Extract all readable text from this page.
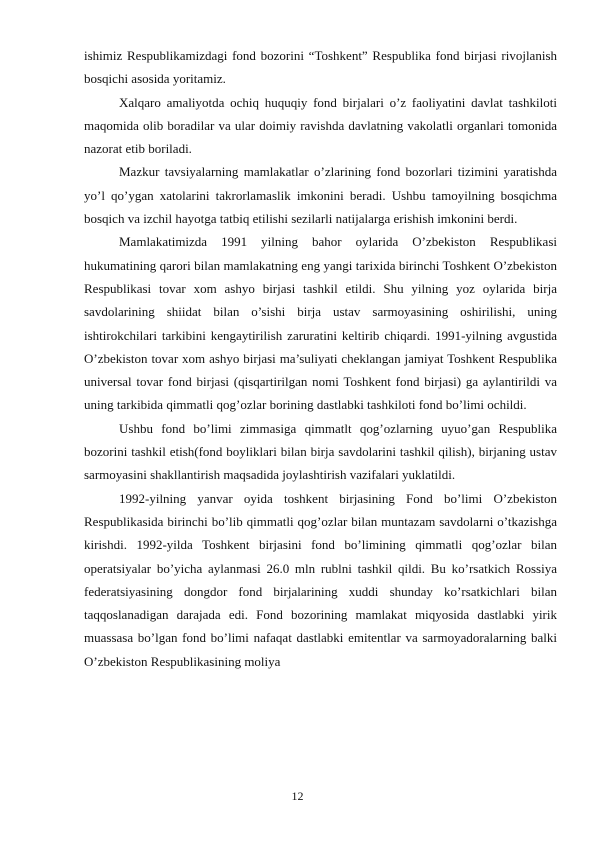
ishimiz Respublikamizdagi fond bozorini “Toshkent” Respublika fond birjasi rivojlanish bosqichi asosida yoritamiz.

Xalqaro amaliyotda ochiq huquqiy fond birjalari o’z faoliyatini davlat tashkiloti maqomida olib boradilar va ular doimiy ravishda davlatning vakolatli organlari tomonida nazorat etib boriladi.

Mazkur tavsiyalarning mamlakatlar o’zlarining fond bozorlari tizimini yaratishda yo’l qo’ygan xatolarini takrorlamaslik imkonini beradi. Ushbu tamoyilning bosqichma bosqich va izchil hayotga tatbiq etilishi sezilarli natijalarga erishish imkonini berdi.

Mamlakatimizda 1991 yilning bahor oylarida O’zbekiston Respublikasi hukumatining qarori bilan mamlakatning eng yangi tarixida birinchi Toshkent O’zbekiston Respublikasi tovar xom ashyo birjasi tashkil etildi. Shu yilning yoz oylarida birja savdolarining shiidat bilan o’sishi birja ustav sarmoyasining oshirilishi, uning ishtirokchilari tarkibini kengaytirilish zaruratini keltirib chiqardi. 1991-yilning avgustida O’zbekiston tovar xom ashyo birjasi ma’suliyati cheklangan jamiyat Toshkent Respublika universal tovar fond birjasi (qisqartirilgan nomi Toshkent fond birjasi) ga aylantirildi va uning tarkibida qimmatli qog’ozlar borining dastlabki tashkiloti fond bo’limi ochildi.

Ushbu fond bo’limi zimmasiga qimmatlt qog’ozlarning uyuo’gan Respublika bozorini tashkil etish(fond boyliklari bilan birja savdolarini tashkil qilish), birjaning ustav sarmoyasini shakllantirish maqsadida joylashtirish vazifalari yuklatildi.

1992-yilning yanvar oyida toshkent birjasining Fond bo’limi O’zbekiston Respublikasida birinchi bo’lib qimmatli qog’ozlar bilan muntazam savdolarni o’tkazishga kirishdi. 1992-yilda Toshkent birjasini fond bo’limining qimmatli qog’ozlar bilan operatsiyalar bo’yicha aylanmasi 26.0 mln rublni tashkil qildi. Bu ko’rsatkich Rossiya federatsiyasining dongdor fond birjalarining xuddi shunday ko’rsatkichlari bilan taqqoslanadigan darajada edi. Fond bozorining mamlakat miqyosida dastlabki yirik muassasa bo’lgan fond bo’limi nafaqat dastlabki emitentlar va sarmoyadoralarning balki O’zbekiston Respublikasining moliya

12
